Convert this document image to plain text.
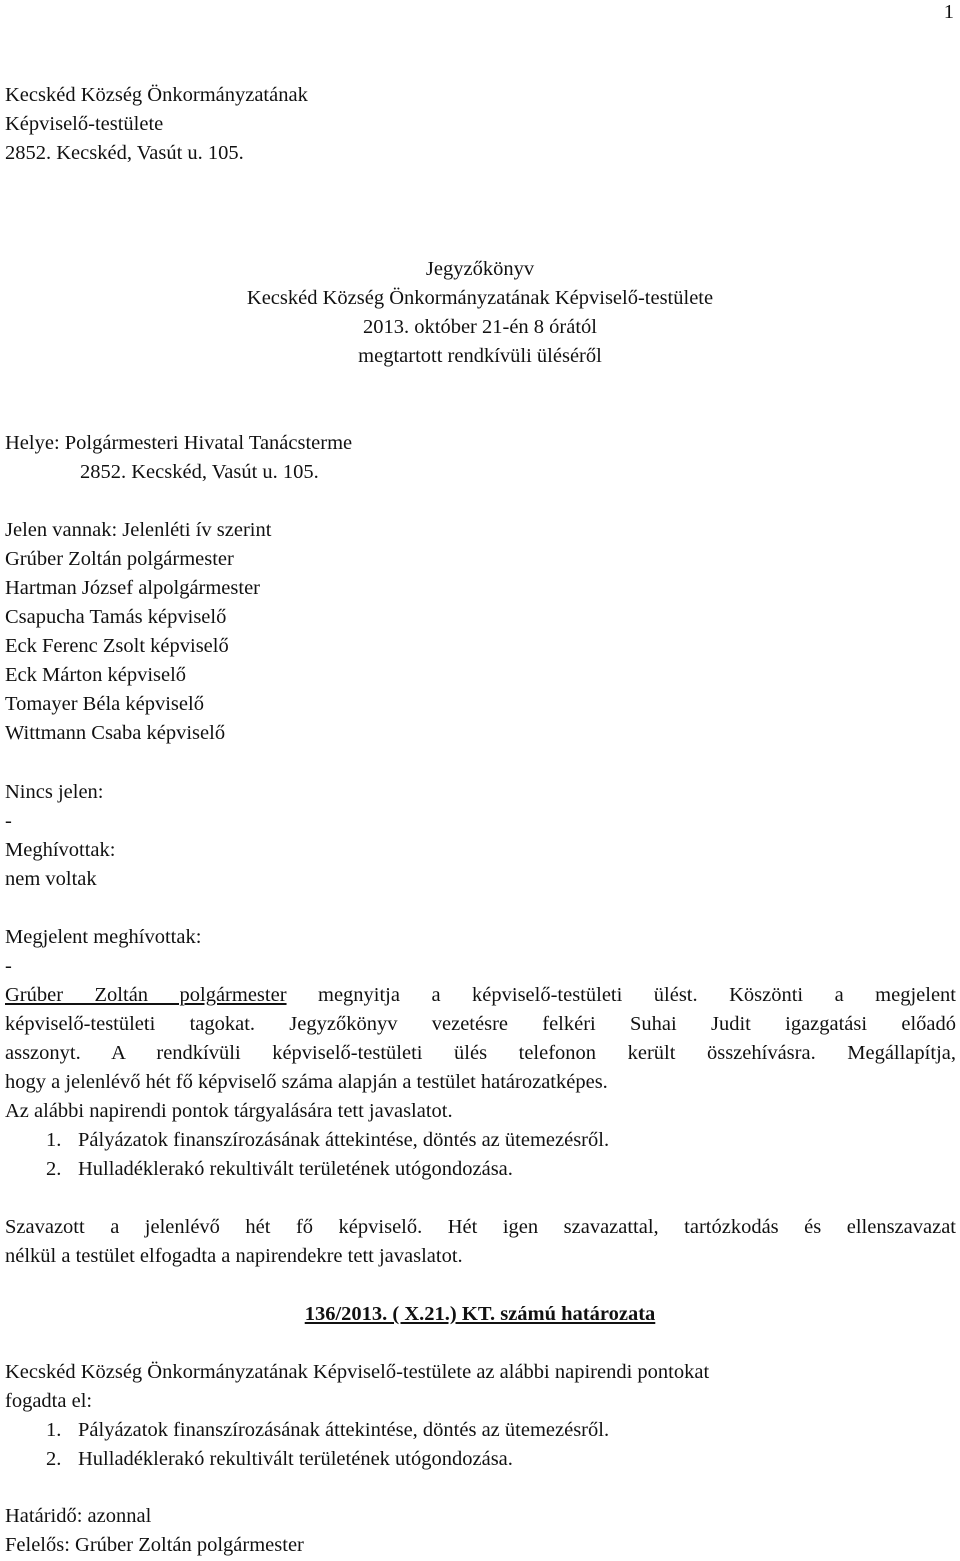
1
Kecskéd Község Önkormányzatának
Képviselő-testülete
2852. Kecskéd, Vasút u. 105.
Jegyzőkönyv
Kecskéd Község Önkormányzatának Képviselő-testülete
2013. október 21-én 8 órától
megtartott rendkívüli üléséről
Helye: Polgármesteri Hivatal Tanácsterme
2852. Kecskéd, Vasút u. 105.
Jelen vannak: Jelenléti ív szerint
Grúber Zoltán polgármester
Hartman József alpolgármester
Csapucha Tamás képviselő
Eck Ferenc Zsolt képviselő
Eck Márton képviselő
Tomayer Béla képviselő
Wittmann Csaba képviselő
Nincs jelen:
-
Meghívottak:
nem voltak
Megjelent meghívottak:
-
Grúber Zoltán polgármester megnyitja a képviselő-testületi ülést. Köszönti a megjelent
képviselő-testületi tagokat. Jegyzőkönyv vezetésre felkéri Suhai Judit igazgatási előadó
asszonyt. A rendkívüli képviselő-testületi ülés telefonon került összehívásra. Megállapítja,
hogy a jelenlévő hét fő képviselő száma alapján a testület határozatképes.
Az alábbi napirendi pontok tárgyalására tett javaslatot.
1. Pályázatok finanszírozásának áttekintése, döntés az ütemezésről.
2. Hulladéklerakó rekultivált területének utógondozása.
Szavazott a jelenlévő hét fő képviselő. Hét igen szavazattal, tartózkodás és ellenszavazat
nélkül a testület elfogadta a napirendekre tett javaslatot.
136/2013. ( X.21.) KT. számú határozata
Kecskéd Község Önkormányzatának Képviselő-testülete az alábbi napirendi pontokat
fogadta el:
1. Pályázatok finanszírozásának áttekintése, döntés az ütemezésről.
2. Hulladéklerakó rekultivált területének utógondozása.
Határidő: azonnal
Felelős: Grúber Zoltán polgármester
